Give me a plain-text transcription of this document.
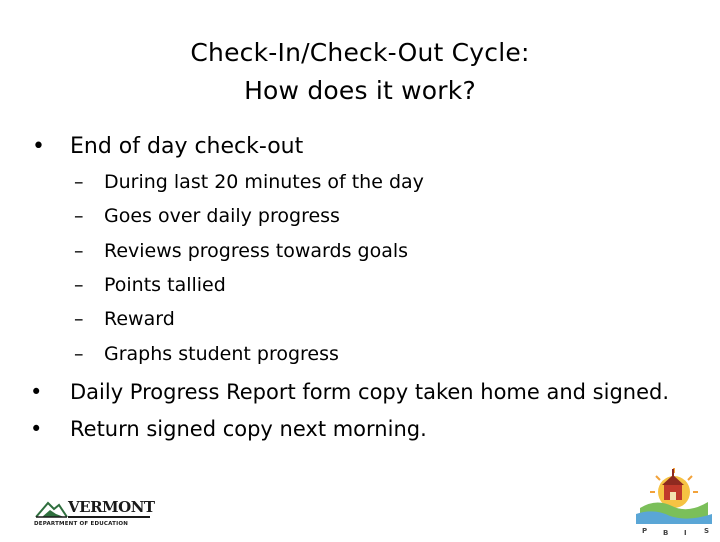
Check-In/Check-Out Cycle:
How does it work?
• End of day check-out
– During last 20 minutes of the day
– Goes over daily progress
– Reviews progress towards goals
– Points tallied
– Reward
– Graphs student progress
• Daily Progress Report form copy taken home and signed.
• Return signed copy next morning.
VERMONT
DEPARTMENT OF EDUCATION
P B I S
